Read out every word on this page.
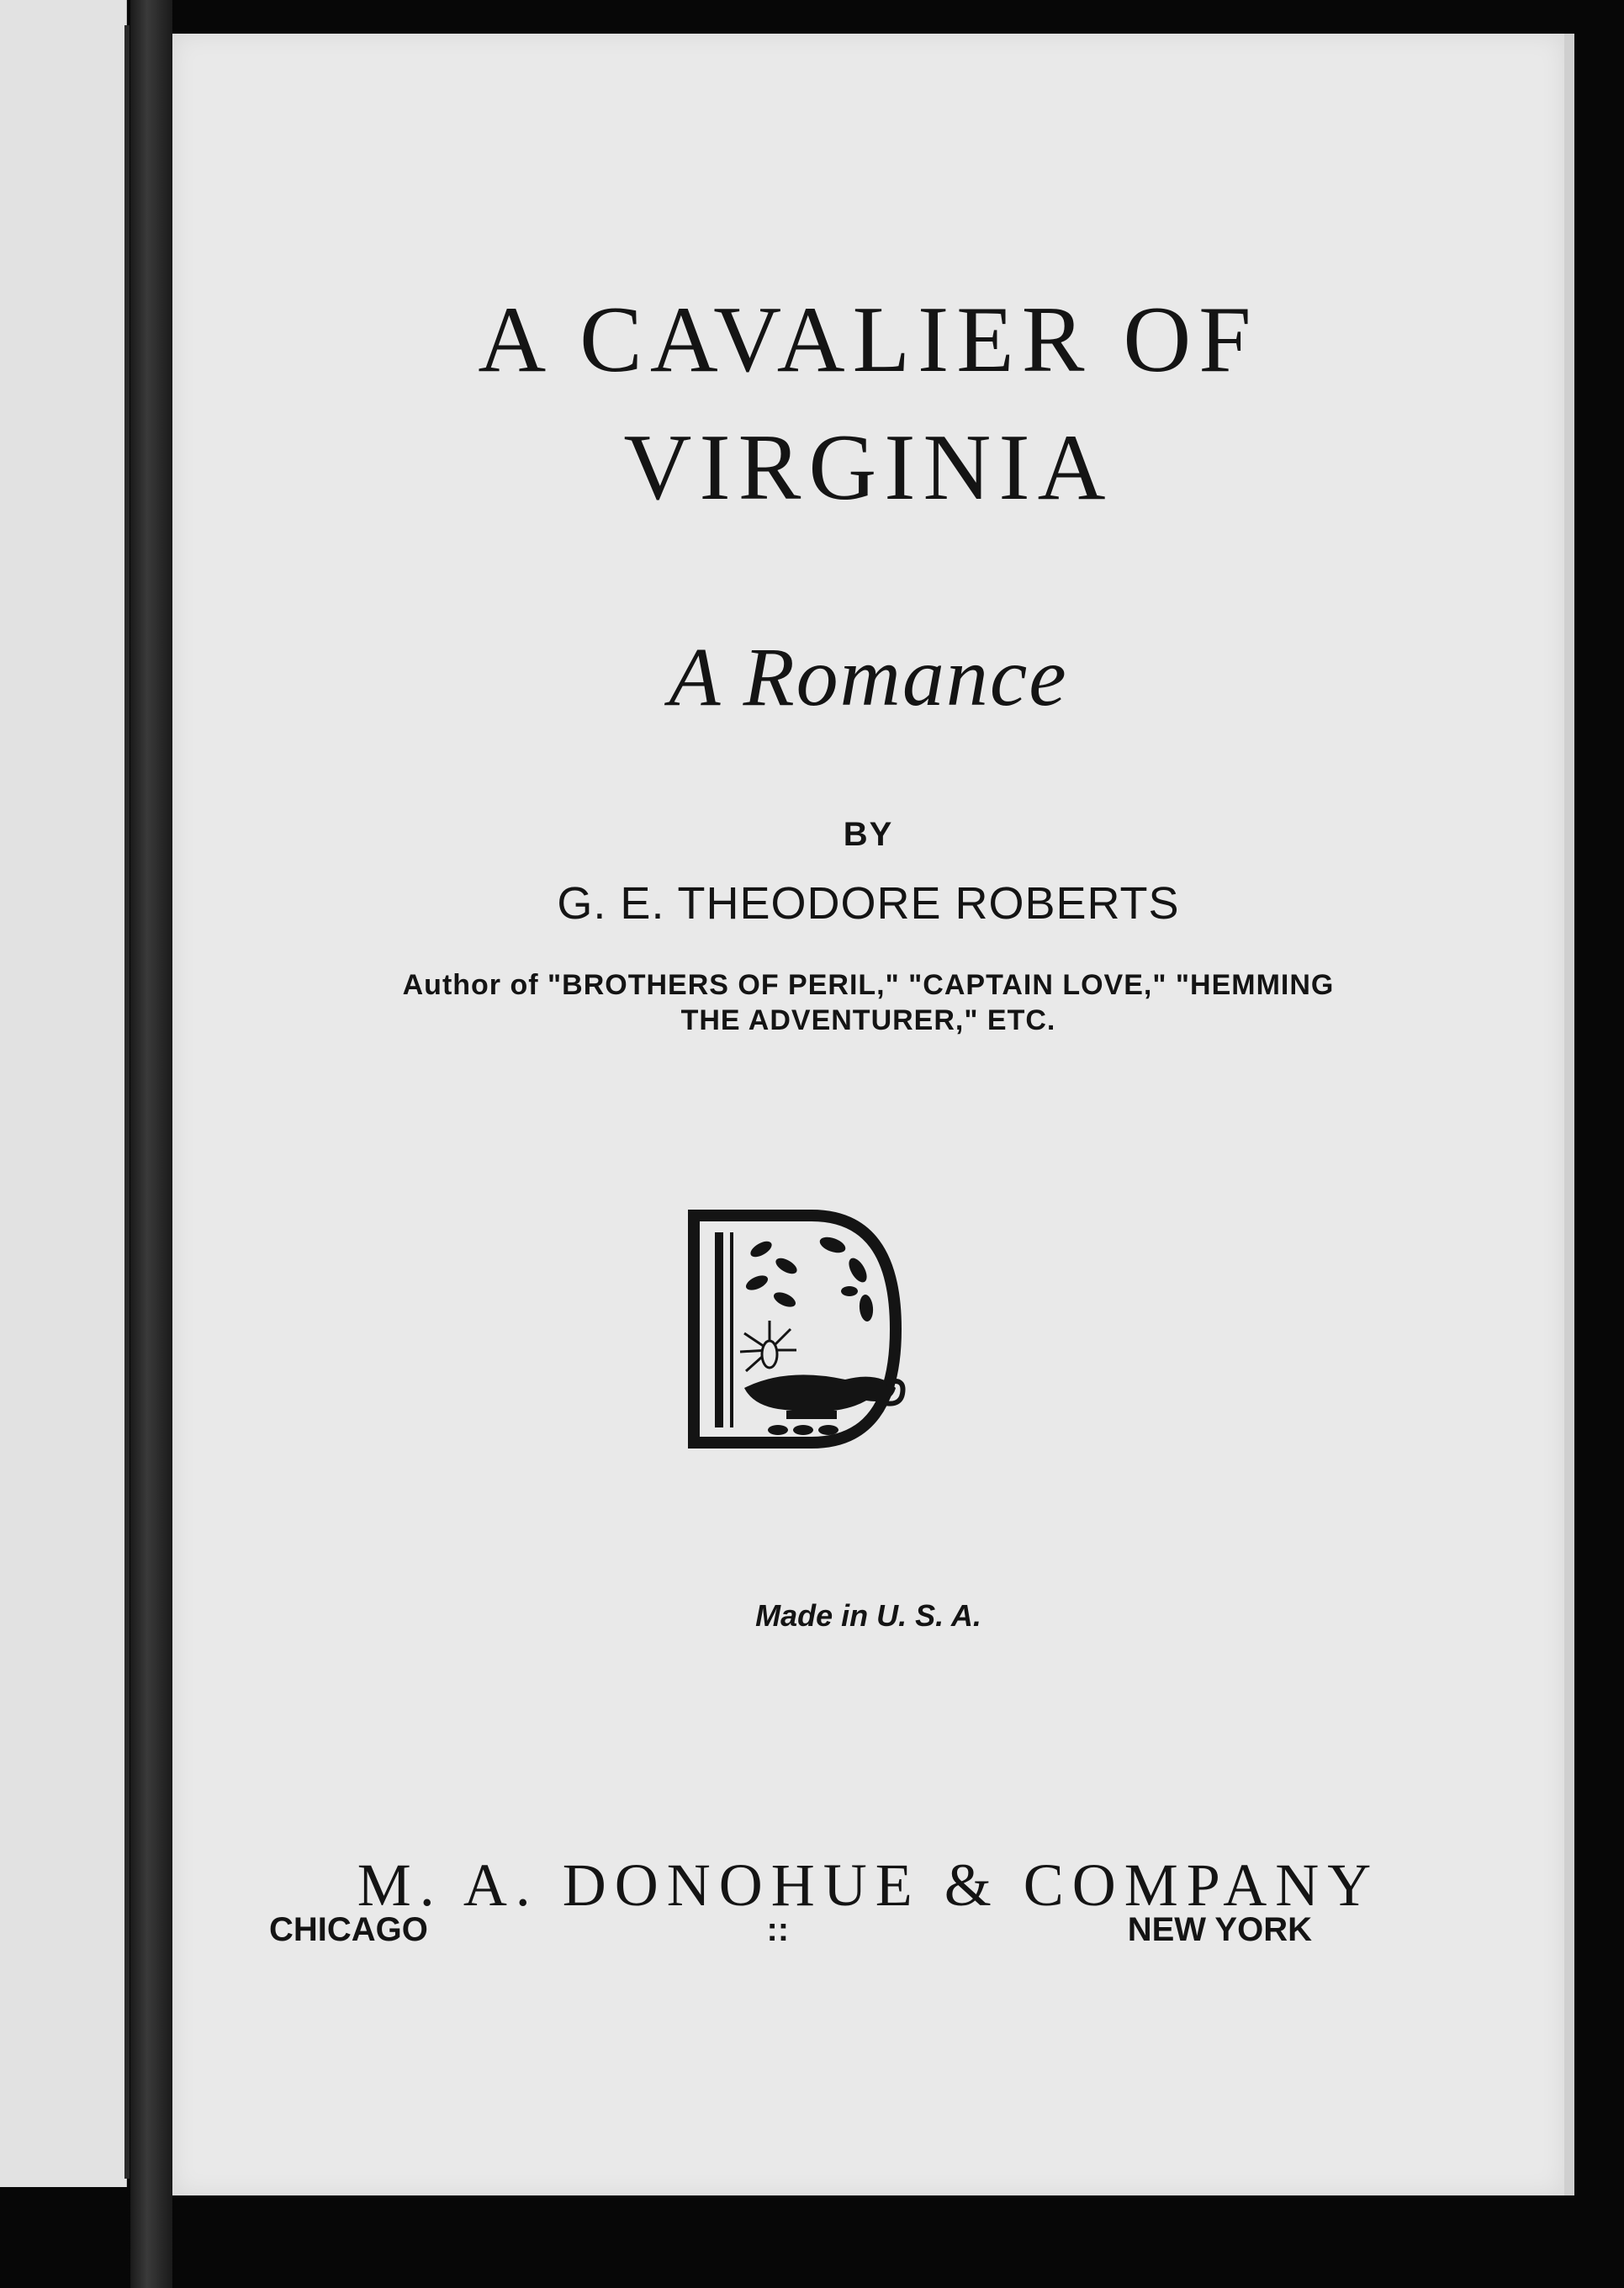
A CAVALIER OF
VIRGINIA
A Romance
BY
G. E. THEODORE ROBERTS
Author of "BROTHERS OF PERIL," "CAPTAIN LOVE," "HEMMING
THE ADVENTURER," ETC.
Made in U. S. A.
M. A. DONOHUE & COMPANY
CHICAGO	::	NEW YORK
